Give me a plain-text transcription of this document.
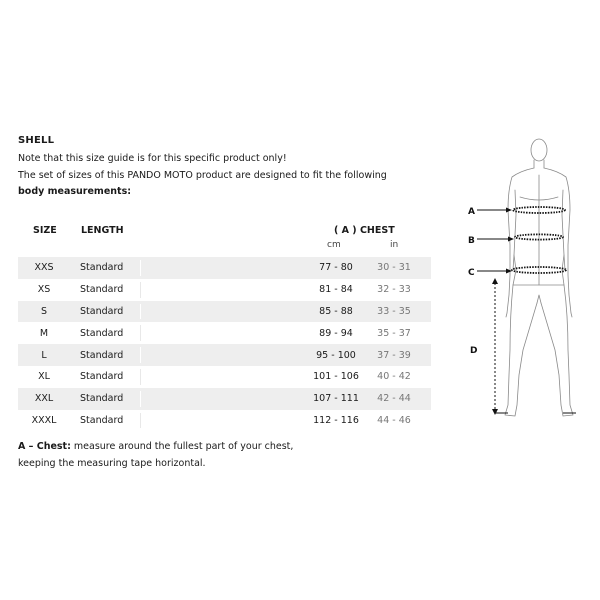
SHELL
Note that this size guide is for this specific product only!
The set of sizes of this PANDO MOTO product are designed to fit the following
body measurements:
SIZE	LENGTH	( A ) CHEST
cm	in
XXS	Standard	77 - 80	30 - 31
XS	Standard	81 - 84	32 - 33
S	Standard	85 - 88	33 - 35
M	Standard	89 - 94	35 - 37
L	Standard	95 - 100	37 - 39
XL	Standard	101 - 106	40 - 42
XXL	Standard	107 - 111	42 - 44
XXXL	Standard	112 - 116	44 - 46
A – Chest: measure around the fullest part of your chest,
keeping the measuring tape horizontal.
A
B
C
D
